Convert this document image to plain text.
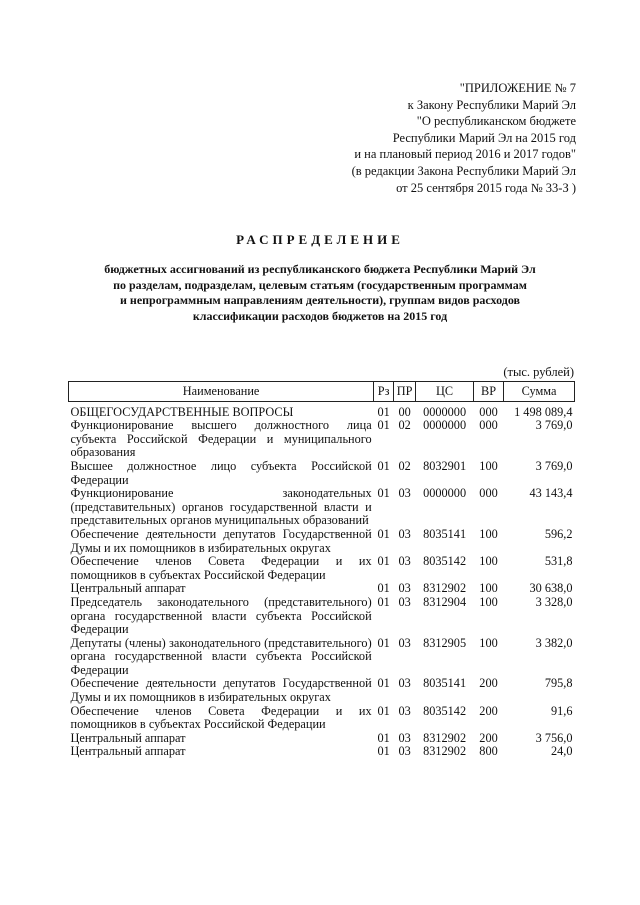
"ПРИЛОЖЕНИЕ № 7
к Закону Республики Марий Эл
"О республиканском бюджете
Республики Марий Эл на 2015 год
и на плановый период 2016 и 2017 годов"
(в редакции Закона Республики Марий Эл
от 25 сентября 2015 года № 33-З )
РАСПРЕДЕЛЕНИЕ
бюджетных ассигнований из республиканского бюджета Республики Марий Эл
по разделам, подразделам, целевым статьям (государственным программам
и непрограммным направлениям деятельности), группам видов расходов
классификации расходов бюджетов на 2015 год
(тыс. рублей)
Наименование	Рз	ПР	ЦС	ВР	Сумма
ОБЩЕГОСУДАРСТВЕННЫЕ ВОПРОСЫ	01	00	0000000	000	1 498 089,4
Функционирование высшего должностного лица субъекта Российской Федерации и муниципального образования	01	02	0000000	000	3 769,0
Высшее должностное лицо субъекта Российской Федерации	01	02	8032901	100	3 769,0
Функционирование законодательных (представительных) органов государственной власти и представительных органов муниципальных образований	01	03	0000000	000	43 143,4
Обеспечение деятельности депутатов Государственной Думы и их помощников в избирательных округах	01	03	8035141	100	596,2
Обеспечение членов Совета Федерации и их помощников в субъектах Российской Федерации	01	03	8035142	100	531,8
Центральный аппарат	01	03	8312902	100	30 638,0
Председатель законодательного (представительного) органа государственной власти субъекта Российской Федерации	01	03	8312904	100	3 328,0
Депутаты (члены) законодательного (представительного) органа государственной власти субъекта Российской Федерации	01	03	8312905	100	3 382,0
Обеспечение деятельности депутатов Государственной Думы и их помощников в избирательных округах	01	03	8035141	200	795,8
Обеспечение членов Совета Федерации и их помощников в субъектах Российской Федерации	01	03	8035142	200	91,6
Центральный аппарат	01	03	8312902	200	3 756,0
Центральный аппарат	01	03	8312902	800	24,0
